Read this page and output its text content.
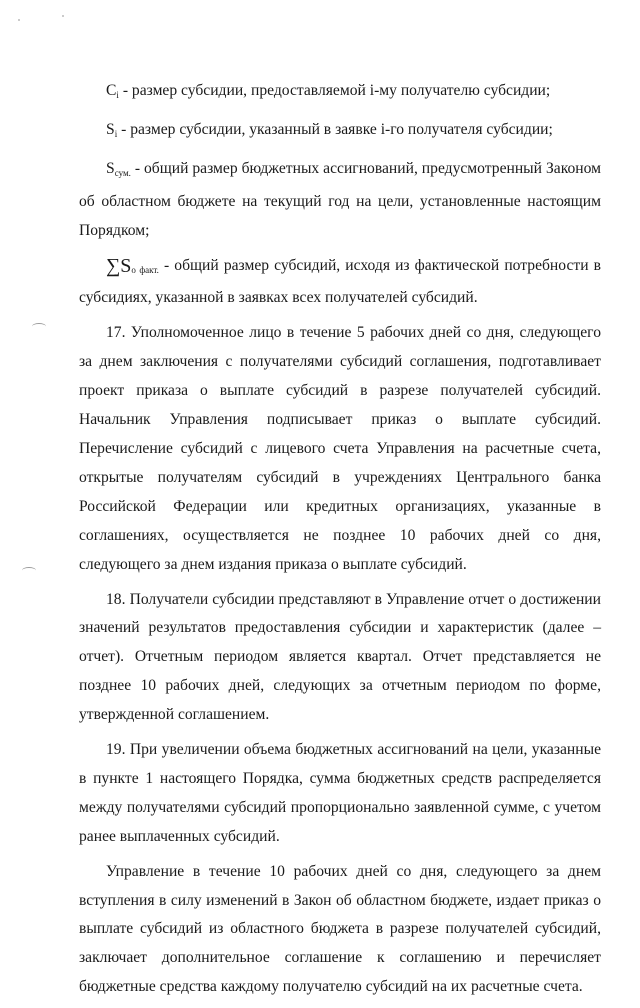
$C_i$ - размер субсидии, предоставляемой i-му получателю субсидии;

$S_i$ - размер субсидии, указанный в заявке i-го получателя субсидии;

$S_{сум.}$ - общий размер бюджетных ассигнований, предусмотренный Законом об областном бюджете на текущий год на цели, установленные настоящим Порядком;

$\sum S_{о факт.}$ - общий размер субсидий, исходя из фактической потребности в субсидиях, указанной в заявках всех получателей субсидий.

17. Уполномоченное лицо в течение 5 рабочих дней со дня, следующего за днем заключения с получателями субсидий соглашения, подготавливает проект приказа о выплате субсидий в разрезе получателей субсидий. Начальник Управления подписывает приказ о выплате субсидий. Перечисление субсидий с лицевого счета Управления на расчетные счета, открытые получателям субсидий в учреждениях Центрального банка Российской Федерации или кредитных организациях, указанные в соглашениях, осуществляется не позднее 10 рабочих дней со дня, следующего за днем издания приказа о выплате субсидий.

18. Получатели субсидии представляют в Управление отчет о достижении значений результатов предоставления субсидии и характеристик (далее – отчет). Отчетным периодом является квартал. Отчет представляется не позднее 10 рабочих дней, следующих за отчетным периодом по форме, утвержденной соглашением.

19. При увеличении объема бюджетных ассигнований на цели, указанные в пункте 1 настоящего Порядка, сумма бюджетных средств распределяется между получателями субсидий пропорционально заявленной сумме, с учетом ранее выплаченных субсидий.

Управление в течение 10 рабочих дней со дня, следующего за днем вступления в силу изменений в Закон об областном бюджете, издает приказ о выплате субсидий из областного бюджета в разрезе получателей субсидий, заключает дополнительное соглашение к соглашению и перечисляет бюджетные средства каждому получателю субсидий на их расчетные счета.
